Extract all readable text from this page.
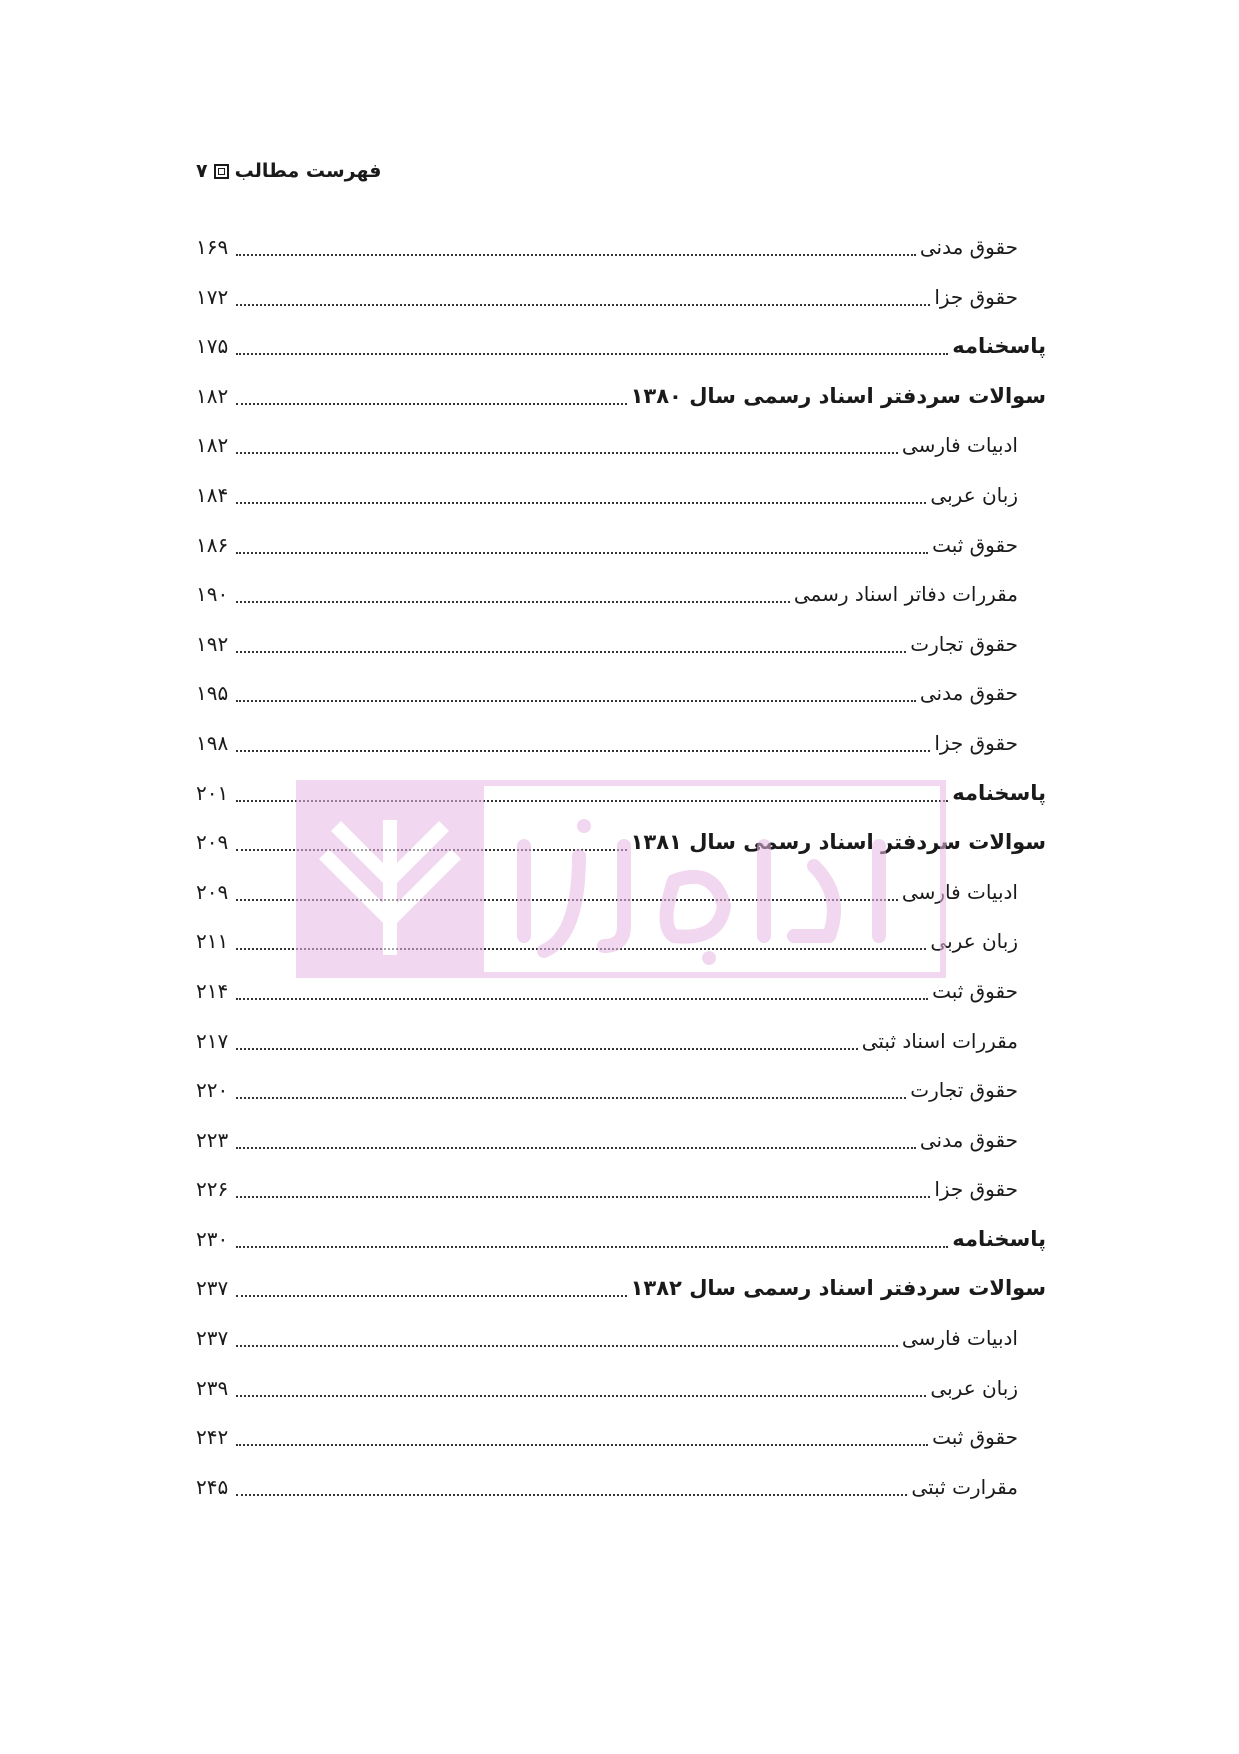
فهرست مطالب
۷
حقوق مدنی
۱۶۹
حقوق جزا
۱۷۲
پاسخنامه
۱۷۵
سوالات سردفتر اسناد رسمی سال ۱۳۸۰
۱۸۲
ادبیات فارسی
۱۸۲
زبان عربی
۱۸۴
حقوق ثبت
۱۸۶
مقررات دفاتر اسناد رسمی
۱۹۰
حقوق تجارت
۱۹۲
حقوق مدنی
۱۹۵
حقوق جزا
۱۹۸
پاسخنامه
۲۰۱
سوالات سردفتر اسناد رسمی سال ۱۳۸۱
۲۰۹
ادبیات فارسی
۲۰۹
زبان عربی
۲۱۱
حقوق ثبت
۲۱۴
مقررات اسناد ثبتی
۲۱۷
حقوق تجارت
۲۲۰
حقوق مدنی
۲۲۳
حقوق جزا
۲۲۶
پاسخنامه
۲۳۰
سوالات سردفتر اسناد رسمی سال ۱۳۸۲
۲۳۷
ادبیات فارسی
۲۳۷
زبان عربی
۲۳۹
حقوق ثبت
۲۴۲
مقرارت ثبتی
۲۴۵
